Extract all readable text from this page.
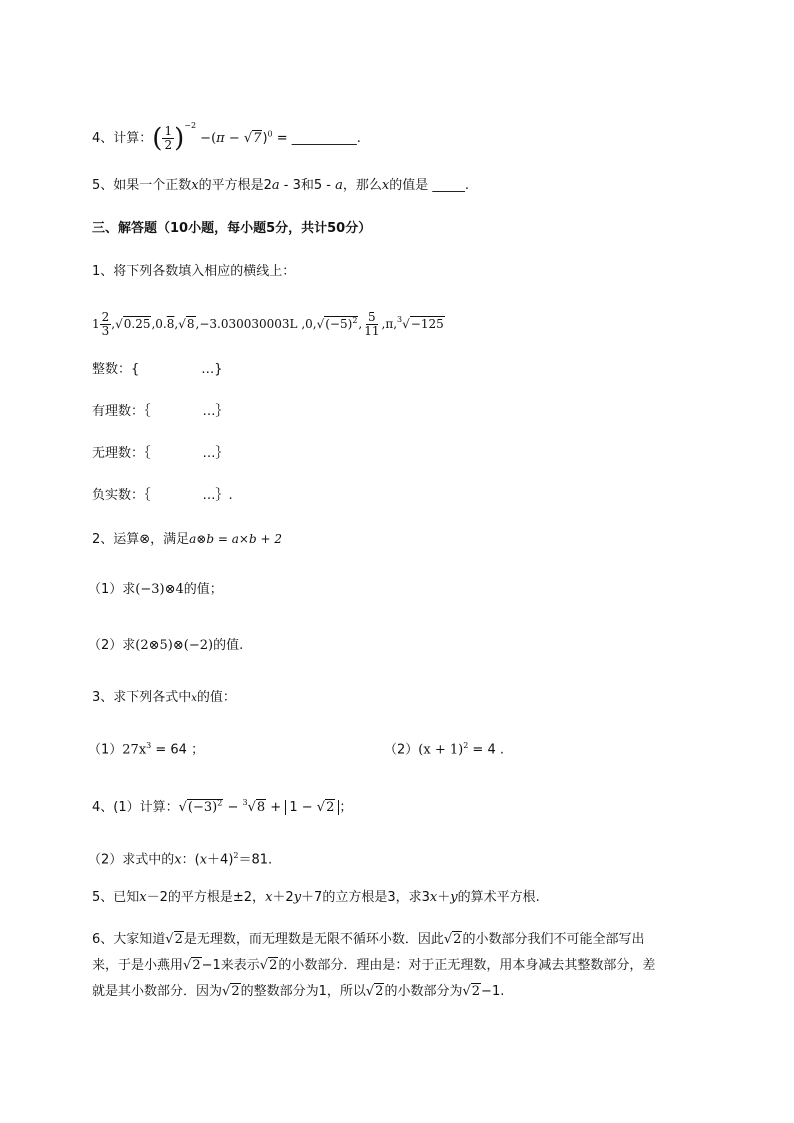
4、计算：( $\frac{1}{2} )^{-2} -(\pi - √7)^0$ = __________.
5、如果一个正数x的平方根是2a - 3和5 - a，那么x的值是 _____.
三、解答题（10小题，每小题5分，共计50分）
1、将下列各数填入相应的横线上：
$1 \frac{2}{3} ,√0.25,0.8,√8,-3.030030003L$ $,0,√(-5)^2$, $\frac{5}{11} ,\pi,^3√-125$
整数：{	…}
有理数：｛	…｝
无理数：｛	…｝
负实数：｛	…｝.
2、运算⊗，满足a⊗b = a×b + 2
（1）求(−3)⊗4的值；
（2）求(2⊗5)⊗(−2)的值.
3、求下列各式中x的值：
$(1)27x^3 = 64$ ；	$(2)(x + 1)^2 = 4$ .
4、(1）计算：$√(-3)^2 - ^3√8 + 1 - √2$ ；
（2）求式中的x：$(x+4)^2=81$.
5、已知x－2的平方根是±2，x＋2y＋7的立方根是3，求3x＋y的算术平方根.
6、大家知道√2是无理数，而无理数是无限不循环小数．因此√2的小数部分我们不可能全部写出
来，于是小燕用√2−1来表示√2的小数部分．理由是：对于正无理数，用本身减去其整数部分，差
就是其小数部分．因为√2的整数部分为1，所以√2的小数部分为√2−1.
